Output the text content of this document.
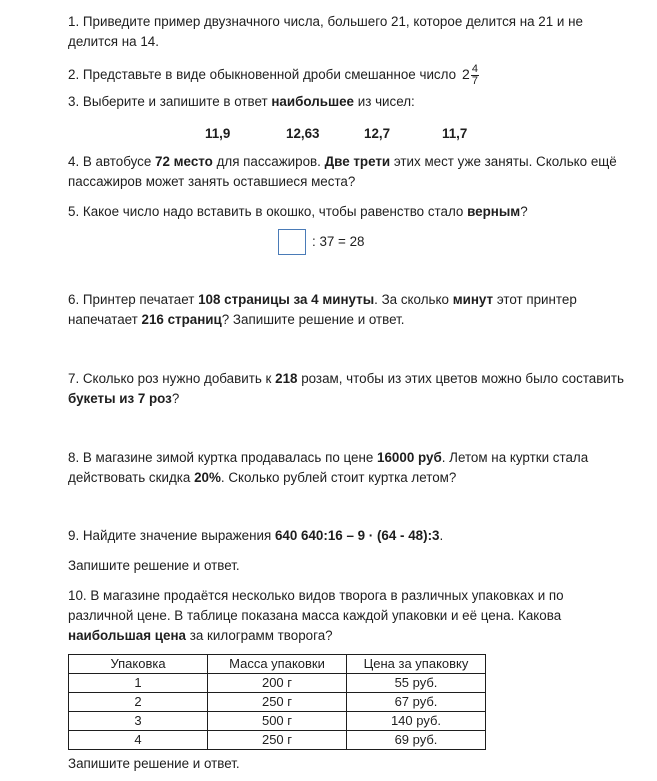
1. Приведите пример двузначного числа, большего 21, которое делится на 21 и не делится на 14.
2. Представьте в виде обыкновенной дроби смешанное число $2 \frac{4}{7}$
3. Выберите и запишите в ответ наибольшее из чисел:
11,9	12,63	12,7	11,7
4. В автобусе 72 место для пассажиров. Две трети этих мест уже заняты. Сколько ещё пассажиров может занять оставшиеся места?
5. Какое число надо вставить в окошко, чтобы равенство стало верным?
: 37 = 28
6. Принтер печатает 108 страницы за 4 минуты. За сколько минут этот принтер напечатает 216 страниц? Запишите решение и ответ.
7. Сколько роз нужно добавить к 218 розам, чтобы из этих цветов можно было составить букеты из 7 роз?
8. В магазине зимой куртка продавалась по цене 16000 руб. Летом на куртки стала действовать скидка 20%. Сколько рублей стоит куртка летом?
9. Найдите значение выражения 640 640:16 – 9 · (64 - 48):3.
Запишите решение и ответ.
10. В магазине продаётся несколько видов творога в различных упаковках и по различной цене. В таблице показана масса каждой упаковки и её цена. Какова наибольшая цена за килограмм творога?
Упаковка	Масса упаковки	Цена за упаковку
1	200 г	55 руб.
2	250 г	67 руб.
3	500 г	140 руб.
4	250 г	69 руб.
Запишите решение и ответ.
